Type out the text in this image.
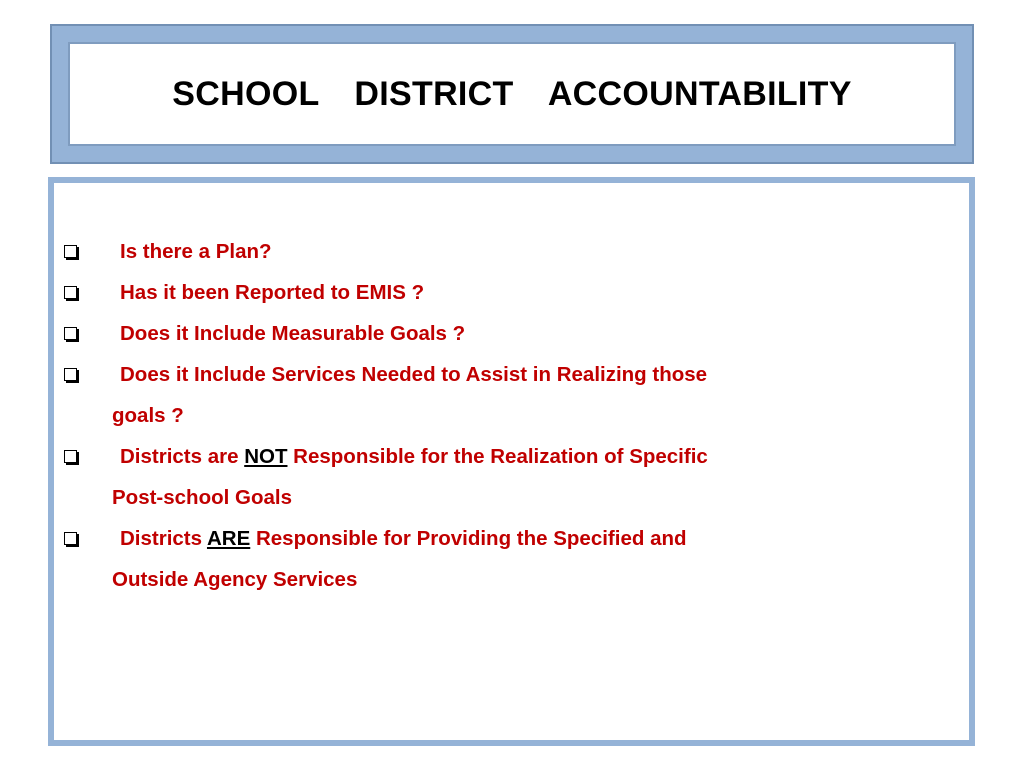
SCHOOL  DISTRICT  ACCOUNTABILITY
Is there a Plan?
Has it been Reported to EMIS ?
Does it Include Measurable Goals ?
Does it Include Services Needed to Assist in Realizing those
goals ?
Districts are NOT Responsible for the Realization of Specific
Post-school Goals
Districts ARE Responsible for Providing the Specified and
Outside Agency Services
